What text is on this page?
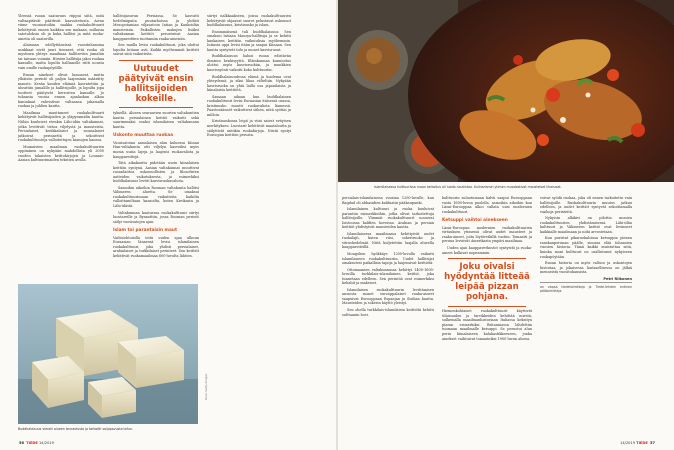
Yleensä ruoan saatavuus riippui siitä, mitä valtaapitävät päättivät kaavoitetusta. Aivan viime vuosisatoihin saakka ruokakulttuurit kehittyivät ennen kaikkea sen mukaan, millaisia satotuloksia oli ja kuka hallitsi ja mitä ruoka-aineita oli saatavilla.

Alaisiaan edellyttäneissä vuosituhansina asukkaat eivät juuri tienneet, että ruoka oli mystinen yhteys maailmaa hallitseviin jumaliin tai taivaan voimiin. Hirsien hallitsija jakoi ruokaa kansalle, mutta lopulta hallinnolle riitti nousta vain omille ruokapöydille.

Ruoan ainekset olivat lumoavat, mutta ylhäisön perintö oli paljon laajemmin määrätty mauste. Kesän kauden eläimiä kasvatettiin ja uhrattiin jumalille ja hallitsijoille, ja lopulta jopa tuotteet päätyivät kerrosten kansalle. Jo tuhansia vuosia ennen ajanlaskun alkua kuninkaat vahvistivat valtaansa jakamalla ruokaa ja juhlien kautta.

Maailmaa muuttaneet ruokakulttuurit kehittyivät hallitsijoiden ja yläpyramidin kautta. Niihin kuuluivat etenkin Lähi-idän valtakunnat, jotka levittivät tietoa viljelystä ja mausteista. Persialaiset, kreikkalaiset ja roomalaiset jatkoivat perinnettä ja sekoittivat ruokakulttuureja valloitettujen kansojen kanssa.

Muinaisten maailman ruokakulttuurien oppiminen on nykyään mahdollista yli 2000 vuoden takaisten keittokirjojen ja Lounais-Aasian kulttuurimaiden tekstien avulla.

hallitsijasuvun Persiassa. Se kasvatti hedelmäpuita puutarhoissa ja yhdisti Mesopotamian viljasatoon Intian ja Kaukoidän mausteisiin. Paikallisten makujen lisäksi valtakunnan keittiöt perustuivat Aasian kauppareittien tuottamiin raaka-aineisiin.

Sen mailla levisi ruokakulttuuri, joka ulottui lopulta Intiaan asti. Kaikki myöhemmät keittiöt saivat siitä vaikutteita.

Uutuudet päätyivät ensin hallitsijoiden kokeille.

tyksellä. Alueen seuraavien suurten valtakuntien kautta persialainen keittiö vaikutti sekä suurimmaksi osaksi islamilaisen valtakunnan kautta.

Uskonto muuttaa ruokaa

Vuosisatoina aasialaisen alun kuluessa Kiinan Han-valtakunta otti viljelyn kasveiksi myös monia uusia lajeja ja laajensi ruokavaliota ja kauppareittejä.

Tätä aikakautta pidetään usein kiinalaisen keittiön syntynä. Aasian valtakunnat muuttivat ruoanlaittoa uskonnollisten ja filosofisten aatteiden vaikutuksesta, ja esimerkiksi buddhalaisuus levitti kasvisruokavaliota.

Samoihin aikoihin Rooman valtakunta hallitsi Välimeren aluetta. Se omaksui ruokakulttuurissaan vaikutteita kaikilta valloittamiltaan kansoilta, kuten Kreikasta ja Lähi-idästä.

Valtakunnan kaatuessa ruokakulttuuri siirtyi luostareille ja Bysanttiin, jossa Rooman perintö säilyi vuosisatojen ajan.

Islam toi parantaisin maut

Vaihtoehtoisilla teitä uuden ajan alkuun Euraasian lännessä levisi islamilainen ruokakulttuuri, joka yhdisti persialaiset, arabialaiset ja turkkilaiset perinteet. Sen keittiöt kehittivät ruokamaailmaa 600-luvulta lähtien.

Buddhalaisuus vieraili alueen teurastusta ja tarkoitti soijapavusta tofun.
Kuva: Getty Images

siirtyi nalkkaakseen, joissa ruokakulttuurien kehittyivät ohjaavat suuret pelastavat uskonnot buddhalaisuus, kristinusko ja islam.

Ensimmäisenä tuli buddhalaisuus. Sen omaksui Intiaan Maurya-hallitsija ja se kehitti kaukaisen keittiön vaikutuksia myöhemmin. Intiasta uppi levisi itään ja saapui Kiinaan. Sen kautta syntyivät tofu ja monet kasvisruoat.

Buddhalaisuus halusi ruoan edistävän ihmisen henkisyyttä. Eläinkunnan kunnioitus ulottui myös kasvisruokiin, ja munkkien kasvissyönti vaikutti koko kulttuuriin.

Buddhalaisuudessa elämä ja kuolema ovat yhteydessä, ja siksi lihaa välteltiin. Nykyään kasvisruoka on yhtä lailla osa japanilaista ja kiinalaista keittiötä.

Samaan aikaan kun buddhalainen ruokakulttuuri levisi Euraasian itäisessä osassa, kristinusko muutti ruokavaliota lännessä. Paastosäännöt vaikuttivat siihen, mitä syötiin ja milloin.

Kristinuskossa leipä ja viini saivat erityisen merkityksen. Luostarit kehittivät maataloutta ja säilyttivät antiikin ruokakirjoja. Niistä syntyi Euroopan keittiön perusta.

56 TIEDE 14/2019
Islamilaisessa kulttuurissa ruoan tarkoitus oli luoda nautintoa. Kulinarismin ytimen muodostivat mausteiset liharuoat.

persialais-islamilaisena vuosina 1200-luvulle, kun Bagdad oli abbasidien kalifaatin pääkaupunki.

Islamilainen kulttuuri ja ruoka kuuluivat parantiin esimerkkeihin, jotka olivat tarkoitettuja hallitsijoille. Ylimmät ruokakulttuurit nousivat loistoonsa kalifien hoveissa. Arabian ja persian keittiöt yhdistyivät mausteiden kautta.

Islamilaisessa maailmassa kehittyivät uudet ruokalajit, kuten riisi, sokeriruoko ja sitrushedelmät. Niitä kuljetettiin laajalla alueella kauppareiteillä.

Mongolien hyökkäys 1200-luvulla vaikutti islamilaiseen ruokakulttuuriin. Uudet hallitsijat omaksuivat paikallisia tapoja ja laajensivat keittiötä.

Ottomaanien valtakunnassa kehittyi 1400-1600-luvuilla turkkilais-islamilainen keittiö, joka tunnetaan edelleen. Sen perintöä ovat esimerkiksi kebabit ja makeiset.

Islamilaisen ruokakulttuurin levittämisen ansiosta monet eurooppalaiset raaka-aineet saapuivat Eurooppaan Espanjan ja Sisilian kautta. Mausteiden ja sokerin käyttö yleistyi.

Sen ohella turkkilais-islamilaista keittiötä kehitti sulttaanin hovi.

kulttuurin sulautumaan kalvii saapui Eurooppaan vasta 1600-luvun puolella, samoihin aikoihin kun Länsi-Eurooppaa alkoi vallata uusi modernien ruokakulttuuri.

Ketsuppi vaihtoi ainekseen

Länsi-Euroopan modernien ruokakulttuurien virtauksen ytimessä olivat uudet mausteet ja raaka-aineet, joita löytöretkillä tuotiin. Tomaatti ja peruna levisivät Amerikasta ympäri maailmaa.

Uuden ajan kauppaverkostot syntyivät ja ruoka-aineet kulkivat nopeammin.

Joku oivalsi hyödyntää litteää leipää pizzan pohjana.

Hiemenkohtaiset ruokakulttuurit käyttivät tilaisuuden ja tarvikkeiden kehittää miestä, sulkemalla maailmanhistoriaan Italiassa keksityn pizzan esimerkiksi. Britanniassa lähdettiin tuomaan maailmalle ketsuppi. Se perustui alun perin kiinalaiseen kalakastikkeeseen, jonka ainekset vaihtuivat tomaateiksi 1900-luvun alussa.

voivat syödä ruokaa, joka oli ennen tarkoitettu vain hallitsijoille. Ruokakulttuurin muutos jatkuu edelleen, ja uudet keittiöt syntyvät sekoittamalla vanhoja perinteitä.

Nykyisin alkikivi on pilottia monien ruokakulttuurien yhdistämisessä. Lähi-idän kulttuuri ja Välimeren keittiö ovat levinneet kaikkialle maailmaan ja niitä arvostetaan.

Kun puristat pikaruokaloissa ketsuppia pienen ranskanperunan päälle, sinussa elää tuhansien vuosien historia. Tämä kaikki muistuttaa siitä, kuinka moni kulttuuri on osallistunut nykyiseen ruokapöytään.

Ruoan historia on myös valtion ja uskontojen historiaa, ja jokaisessa lautasellisessa on jälkiä menneistä vuosituhansista.

Petri Riikonen
on vapaa tiedetoimittaja ja Tiede-lehden entinen päätoimittaja.
14/2019 TIEDE 57
